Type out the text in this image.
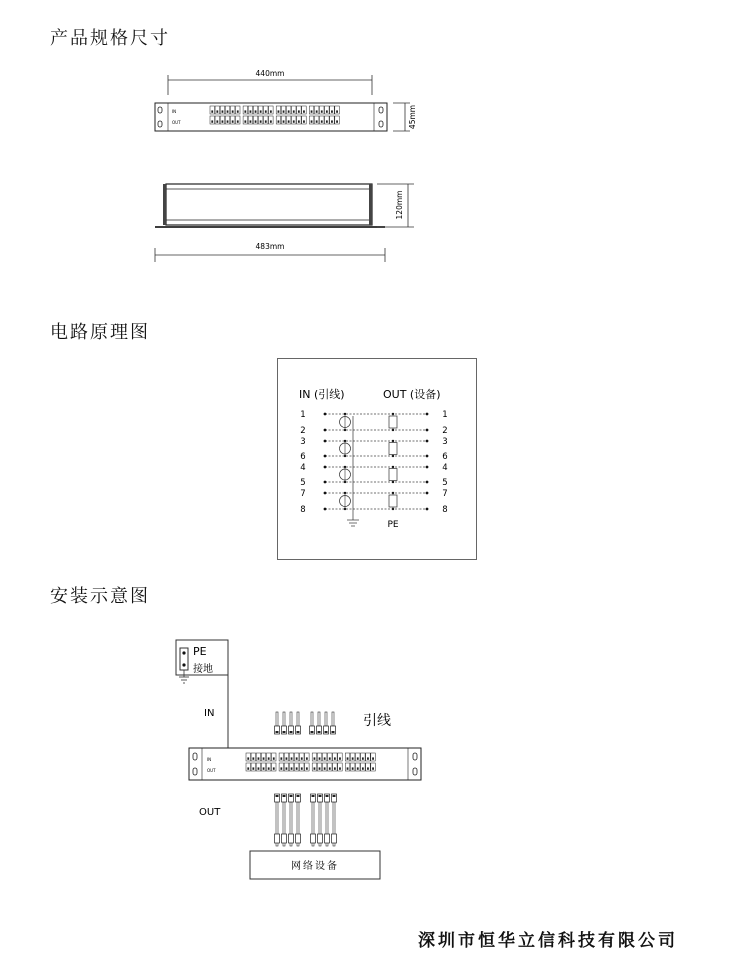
产品规格尺寸
电路原理图
安装示意图
440mm
IN
OUT	45mm
120mm
483mm
IN (引线)	OUT (设备)
1	1
2	2
3	3
6	6
4	4
5	5
7	7
8	8
PE
PE
接地
IN	引线
IN
OUT
OUT
网络设备
深圳市恒华立信科技有限公司
